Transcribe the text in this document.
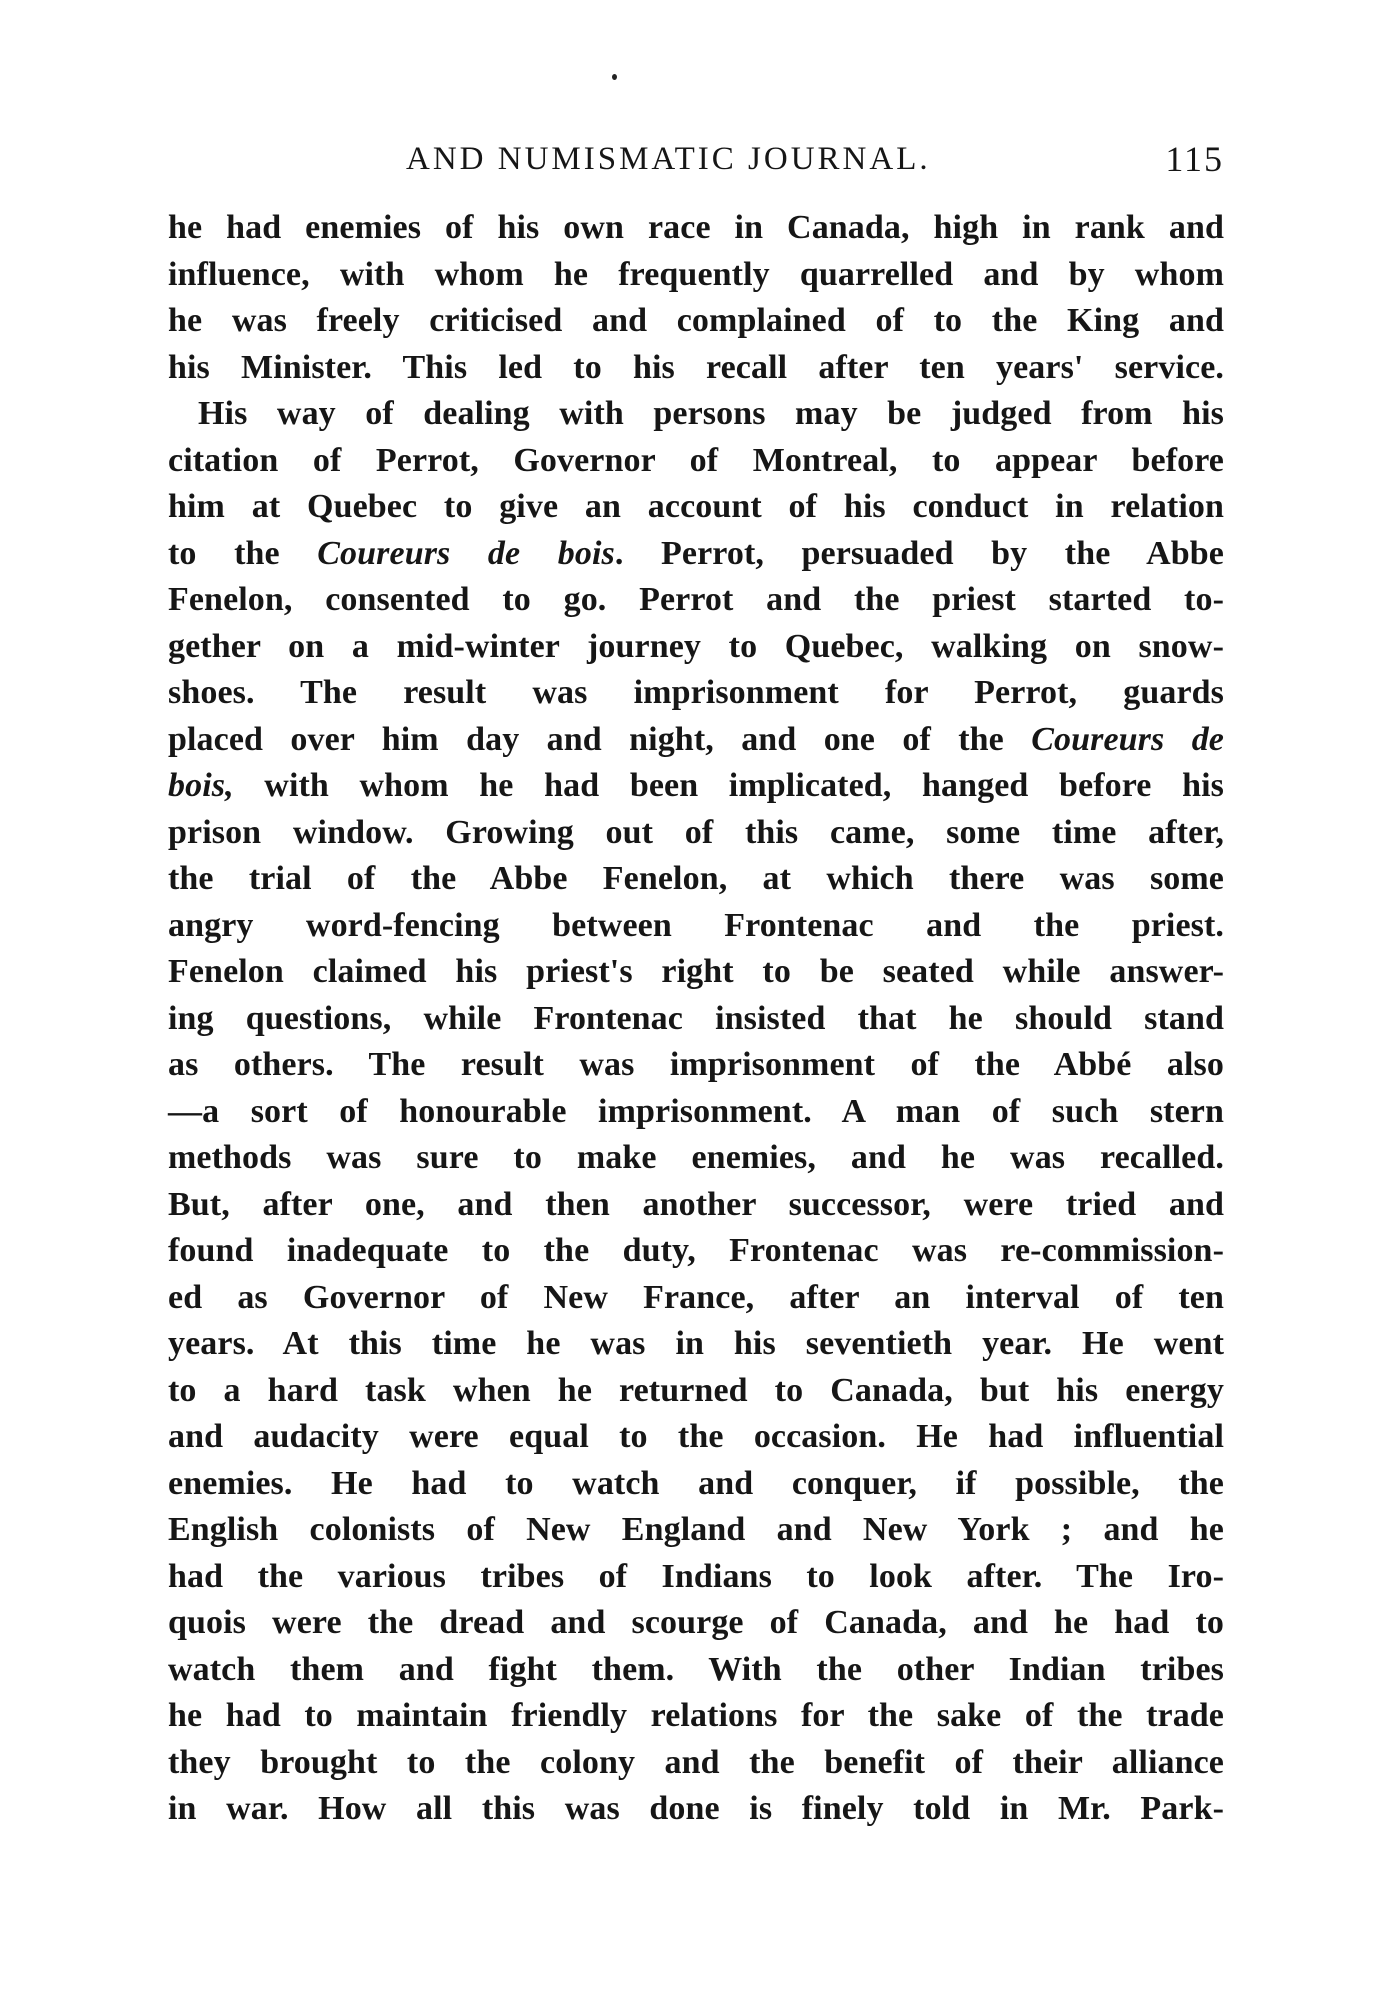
AND NUMISMATIC JOURNAL.	115
he had enemies of his own race in Canada, high in rank and
influence, with whom he frequently quarrelled and by whom
he was freely criticised and complained of to the King and
his Minister. This led to his recall after ten years' service.
His way of dealing with persons may be judged from his
citation of Perrot, Governor of Montreal, to appear before
him at Quebec to give an account of his conduct in relation
to the Coureurs de bois. Perrot, persuaded by the Abbe
Fenelon, consented to go. Perrot and the priest started to-
gether on a mid-winter journey to Quebec, walking on snow-
shoes. The result was imprisonment for Perrot, guards
placed over him day and night, and one of the Coureurs de
bois, with whom he had been implicated, hanged before his
prison window. Growing out of this came, some time after,
the trial of the Abbe Fenelon, at which there was some
angry word-fencing between Frontenac and the priest.
Fenelon claimed his priest's right to be seated while answer-
ing questions, while Frontenac insisted that he should stand
as others. The result was imprisonment of the Abbé also
—a sort of honourable imprisonment. A man of such stern
methods was sure to make enemies, and he was recalled.
But, after one, and then another successor, were tried and
found inadequate to the duty, Frontenac was re-commission-
ed as Governor of New France, after an interval of ten
years. At this time he was in his seventieth year. He went
to a hard task when he returned to Canada, but his energy
and audacity were equal to the occasion. He had influential
enemies. He had to watch and conquer, if possible, the
English colonists of New England and New York ; and he
had the various tribes of Indians to look after. The Iro-
quois were the dread and scourge of Canada, and he had to
watch them and fight them. With the other Indian tribes
he had to maintain friendly relations for the sake of the trade
they brought to the colony and the benefit of their alliance
in war. How all this was done is finely told in Mr. Park-
